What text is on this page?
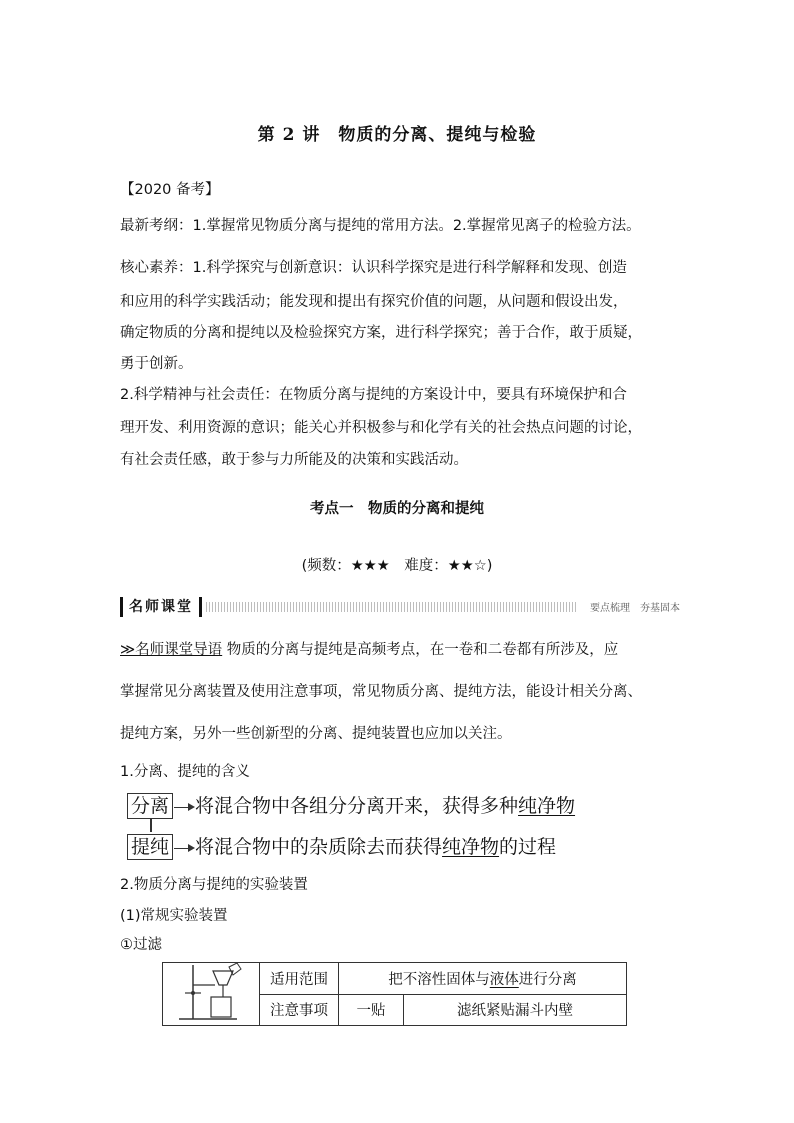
第 2 讲　物质的分离、提纯与检验
【2020 备考】
最新考纲：1.掌握常见物质分离与提纯的常用方法。2.掌握常见离子的检验方法。
核心素养：1.科学探究与创新意识：认识科学探究是进行科学解释和发现、创造
和应用的科学实践活动；能发现和提出有探究价值的问题，从问题和假设出发，
确定物质的分离和提纯以及检验探究方案，进行科学探究；善于合作，敢于质疑，
勇于创新。
2.科学精神与社会责任：在物质分离与提纯的方案设计中，要具有环境保护和合
理开发、利用资源的意识；能关心并积极参与和化学有关的社会热点问题的讨论，
有社会责任感，敢于参与力所能及的决策和实践活动。
考点一　物质的分离和提纯
(频数：★★★　难度：★★☆)
名师课堂	要点梳理　夯基固本
≫名师课堂导语 物质的分离与提纯是高频考点，在一卷和二卷都有所涉及，应
掌握常见分离装置及使用注意事项，常见物质分离、提纯方法，能设计相关分离、
提纯方案，另外一些创新型的分离、提纯装置也应加以关注。
1.分离、提纯的含义
分离 将混合物中各组分分离开来，获得多种纯净物
提纯 将混合物中的杂质除去而获得纯净物的过程
2.物质分离与提纯的实验装置
(1)常规实验装置
①过滤
	适用范围	把不溶性固体与液体进行分离	
	注意事项	一贴	滤纸紧贴漏斗内壁
